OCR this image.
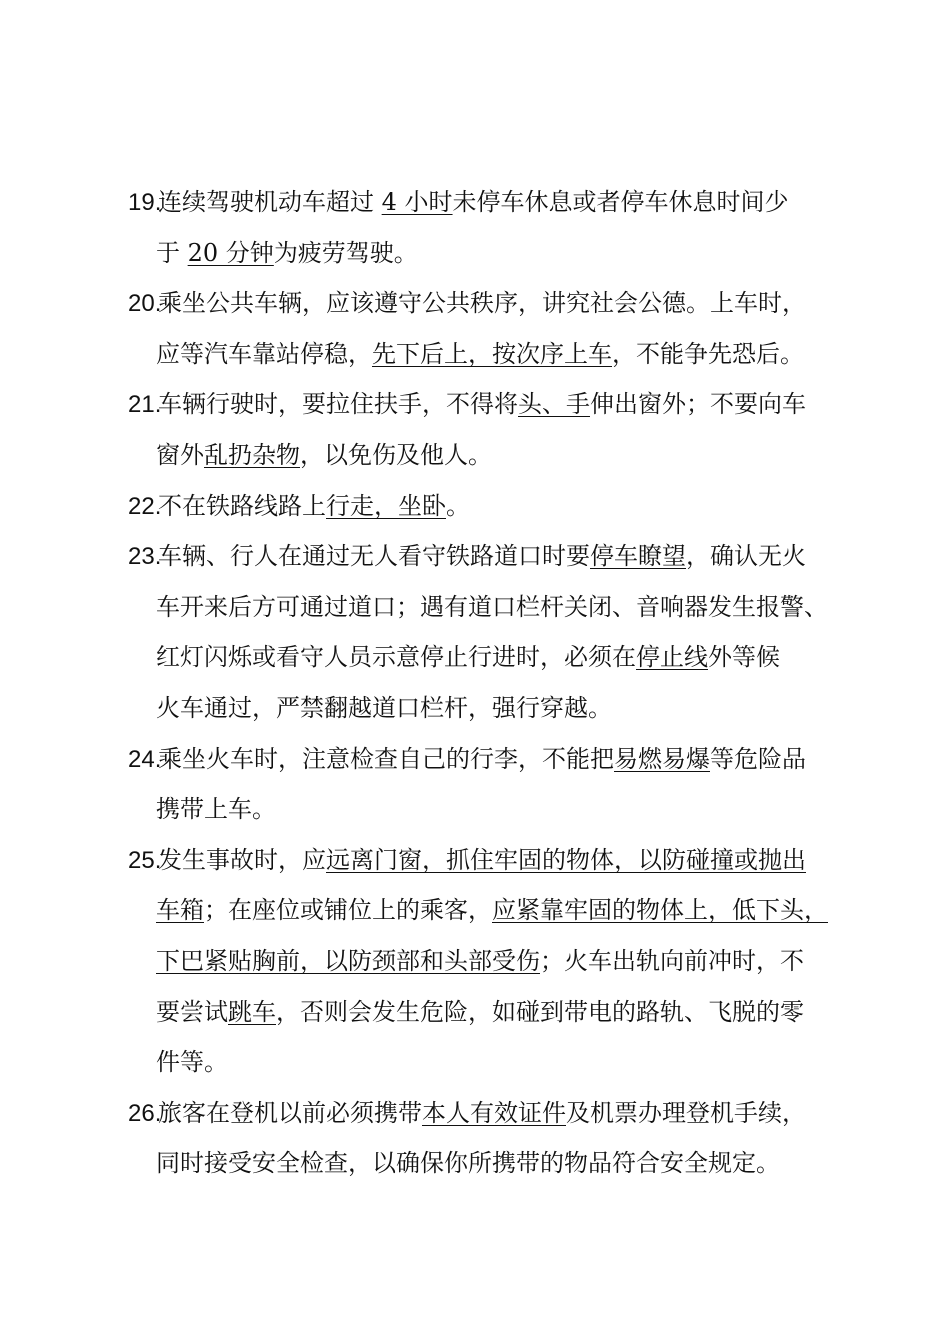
19.连续驾驶机动车超过 4 小时未停车休息或者停车休息时间少
于 20 分钟为疲劳驾驶。
20.乘坐公共车辆，应该遵守公共秩序，讲究社会公德。上车时，
应等汽车靠站停稳，先下后上，按次序上车，不能争先恐后。
21.车辆行驶时，要拉住扶手，不得将头、手伸出窗外；不要向车
窗外乱扔杂物，以免伤及他人。
22.不在铁路线路上行走，坐卧。
23.车辆、行人在通过无人看守铁路道口时要停车瞭望，确认无火
车开来后方可通过道口；遇有道口栏杆关闭、音响器发生报警、
红灯闪烁或看守人员示意停止行进时，必须在停止线外等候
火车通过，严禁翻越道口栏杆，强行穿越。
24.乘坐火车时，注意检查自己的行李，不能把易燃易爆等危险品
携带上车。
25.发生事故时，应远离门窗，抓住牢固的物体，以防碰撞或抛出
车箱；在座位或铺位上的乘客，应紧靠牢固的物体上，低下头，
下巴紧贴胸前，以防颈部和头部受伤；火车出轨向前冲时，不
要尝试跳车，否则会发生危险，如碰到带电的路轨、飞脱的零
件等。
26.旅客在登机以前必须携带本人有效证件及机票办理登机手续，
同时接受安全检查，以确保你所携带的物品符合安全规定。
